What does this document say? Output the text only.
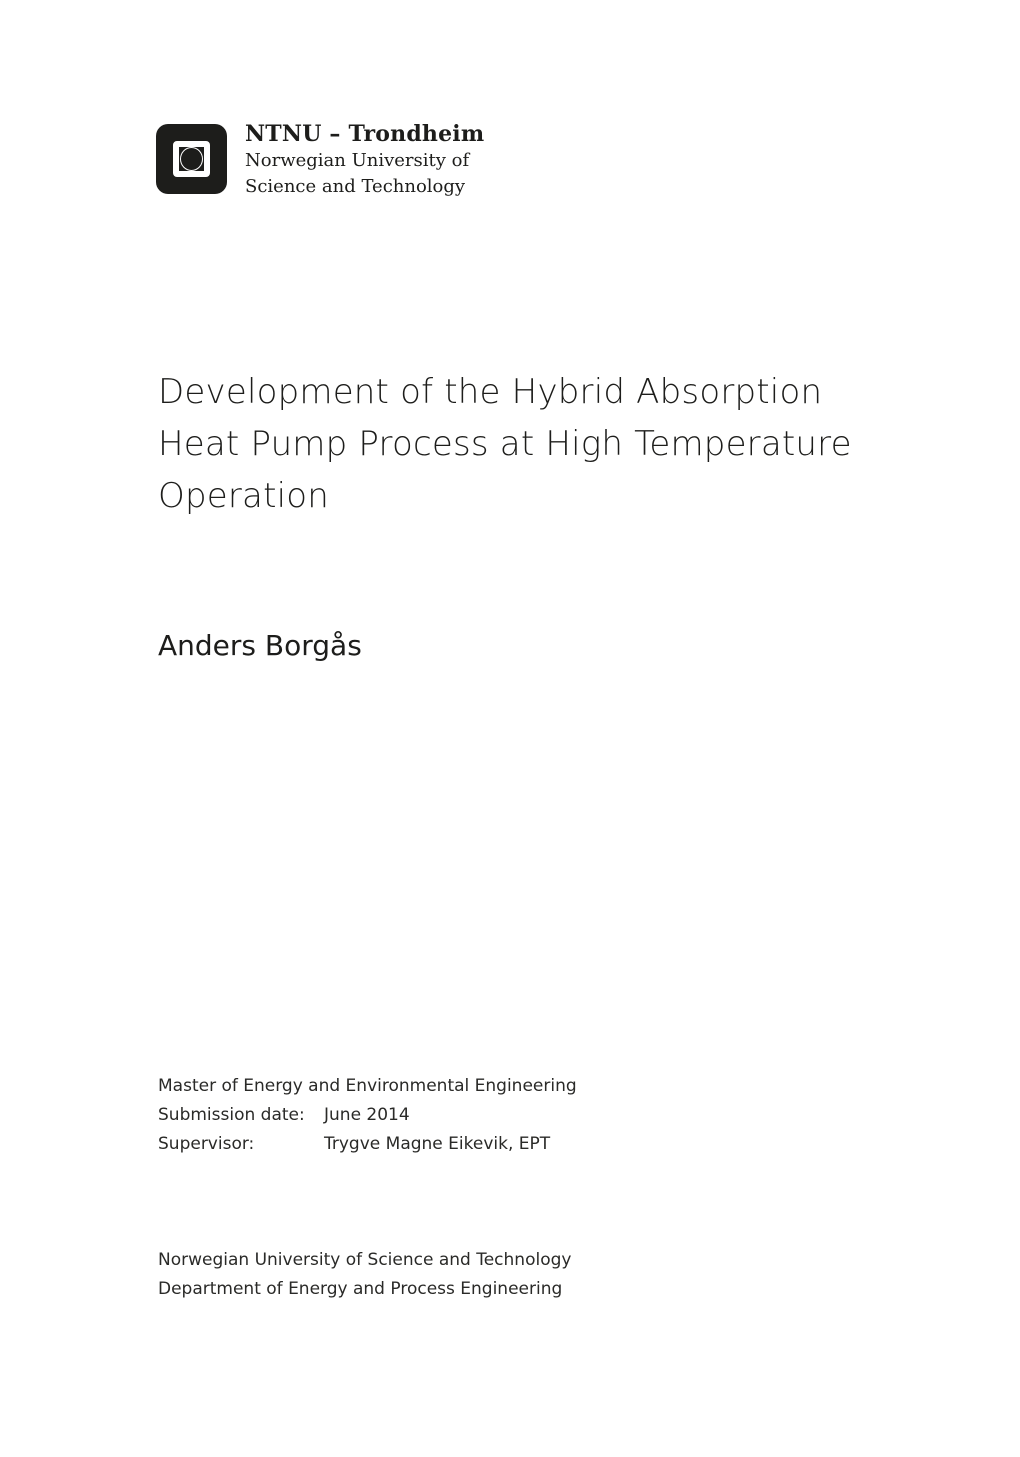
NTNU – Trondheim
Norwegian University of
Science and Technology
Development of the Hybrid Absorption
Heat Pump Process at High Temperature
Operation
Anders Borgås
Master of Energy and Environmental Engineering
Submission date:	June 2014
Supervisor:	Trygve Magne Eikevik, EPT
Norwegian University of Science and Technology
Department of Energy and Process Engineering
